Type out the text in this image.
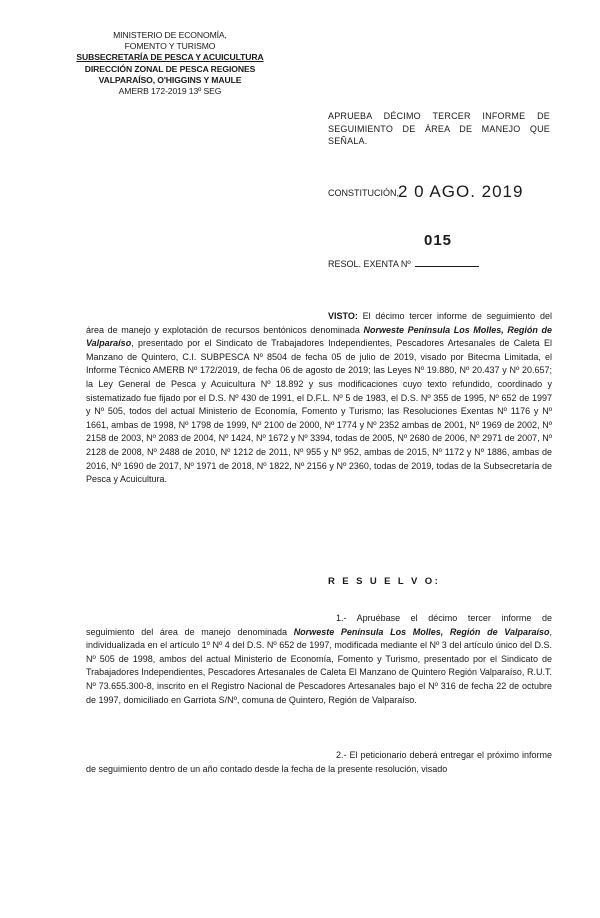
MINISTERIO DE ECONOMÍA,
FOMENTO Y TURISMO
SUBSECRETARÍA DE PESCA Y ACUICULTURA
DIRECCIÓN ZONAL DE PESCA REGIONES
VALPARAÍSO, O'HIGGINS Y MAULE
AMERB 172-2019 13º SEG
APRUEBA DÉCIMO TERCER INFORME DE SEGUIMIENTO DE ÁREA DE MANEJO QUE SEÑALA.
CONSTITUCIÓN, 2 0 AGO. 2019
015
RESOL. EXENTA Nº
VISTO: El décimo tercer informe de seguimiento del área de manejo y explotación de recursos bentónicos denominada Norweste Península Los Molles, Región de Valparaíso, presentado por el Sindicato de Trabajadores Independientes, Pescadores Artesanales de Caleta El Manzano de Quintero, C.I. SUBPESCA Nº 8504 de fecha 05 de julio de 2019, visado por Bitecma Limitada, el Informe Técnico AMERB Nº 172/2019, de fecha 06 de agosto de 2019; las Leyes Nº 19.880, Nº 20.437 y Nº 20.657; la Ley General de Pesca y Acuicultura Nº 18.892 y sus modificaciones cuyo texto refundido, coordinado y sistematizado fue fijado por el D.S. Nº 430 de 1991, el D.F.L. Nº 5 de 1983, el D.S. Nº 355 de 1995, Nº 652 de 1997 y Nº 505, todos del actual Ministerio de Economía, Fomento y Turismo; las Resoluciones Exentas Nº 1176 y Nº 1661, ambas de 1998, Nº 1798 de 1999, Nº 2100 de 2000, Nº 1774 y Nº 2352 ambas de 2001, Nº 1969 de 2002, Nº 2158 de 2003, Nº 2083 de 2004, Nº 1424, Nº 1672 y Nº 3394, todas de 2005, Nº 2680 de 2006, Nº 2971 de 2007, Nº 2128 de 2008, Nº 2488 de 2010, Nº 1212 de 2011, Nº 955 y Nº 952, ambas de 2015, Nº 1172 y Nº 1886, ambas de 2016, Nº 1690 de 2017, Nº 1971 de 2018, Nº 1822, Nº 2156 y Nº 2360, todas de 2019, todas de la Subsecretaría de Pesca y Acuicultura.
R E S U E L V O:
1.- Apruébase el décimo tercer informe de seguimiento del área de manejo denominada Norweste Península Los Molles, Región de Valparaíso, individualizada en el artículo 1º Nº 4 del D.S. Nº 652 de 1997, modificada mediante el Nº 3 del artículo único del D.S. Nº 505 de 1998, ambos del actual Ministerio de Economía, Fomento y Turismo, presentado por el Sindicato de Trabajadores Independientes, Pescadores Artesanales de Caleta El Manzano de Quintero Región Valparaíso, R.U.T. Nº 73.655.300-8, inscrito en el Registro Nacional de Pescadores Artesanales bajo el Nº 316 de fecha 22 de octubre de 1997, domiciliado en Garriota S/Nº, comuna de Quintero, Región de Valparaíso.
2.- El peticionario deberá entregar el próximo informe de seguimiento dentro de un año contado desde la fecha de la presente resolución, visado
